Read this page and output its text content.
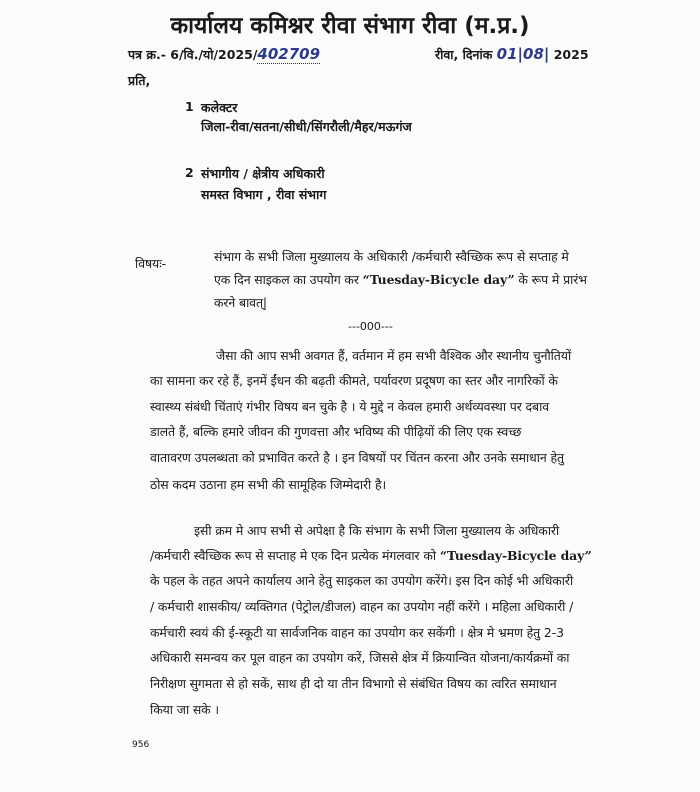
कार्यालय कमिश्नर रीवा संभाग रीवा (म.प्र.)
पत्र क्र.- 6/वि./यो/2025/402709	रीवा, दिनांक 01|08| 2025
प्रति,
1 कलेक्टर
जिला-रीवा/सतना/सीधी/सिंगरौली/मैहर/मऊगंज
2 संभागीय / क्षेत्रीय अधिकारी
समस्त विभाग , रीवा संभाग
विषयः-	संभाग के सभी जिला मुख्यालय के अधिकारी /कर्मचारी स्वैच्छिक रूप से सप्ताह मे
एक दिन साइकल का उपयोग कर “Tuesday-Bicycle day” के रूप मे प्रारंभ
करने बावत्|
---000---
जैसा की आप सभी अवगत हैं, वर्तमान में हम सभी वैश्विक और स्थानीय चुनौतियों
का सामना कर रहे हैं, इनमें ईंधन की बढ़ती कीमते, पर्यावरण प्रदूषण का स्तर और नागरिकों के
स्वास्थ्य संबंधी चिंताएं गंभीर विषय बन चुके है । ये मुद्दे न केवल हमारी अर्थव्यवस्था पर दबाव
डालते हैं, बल्कि हमारे जीवन की गुणवत्ता और भविष्य की पीढ़ियों की लिए एक स्वच्छ
वातावरण उपलब्धता को प्रभावित करते है । इन विषयों पर चिंतन करना और उनके समाधान हेतु
ठोस कदम उठाना हम सभी की सामूहिक जिम्मेदारी है।
इसी क्रम मे आप सभी से अपेक्षा है कि संभाग के सभी जिला मुख्यालय के अधिकारी
/कर्मचारी स्वैच्छिक रूप से सप्ताह मे एक दिन प्रत्येक मंगलवार को “Tuesday-Bicycle day”
के पहल के तहत अपने कार्यालय आने हेतु साइकल का उपयोग करेंगे। इस दिन कोई भी अधिकारी
/ कर्मचारी शासकीय/ व्यक्तिगत (पेट्रोल/डीजल) वाहन का उपयोग नहीं करेंगे । महिला अधिकारी /
कर्मचारी स्वयं की ई-स्कूटी या सार्वजनिक वाहन का उपयोग कर सकेंगी । क्षेत्र मे भ्रमण हेतु 2-3
अधिकारी समन्वय कर पूल वाहन का उपयोग करें, जिससे क्षेत्र में क्रियान्वित योजना/कार्यक्रमों का
निरीक्षण सुगमता से हो सकें, साथ ही दो या तीन विभागो से संबंधित विषय का त्वरित समाधान
किया जा सके ।
956
